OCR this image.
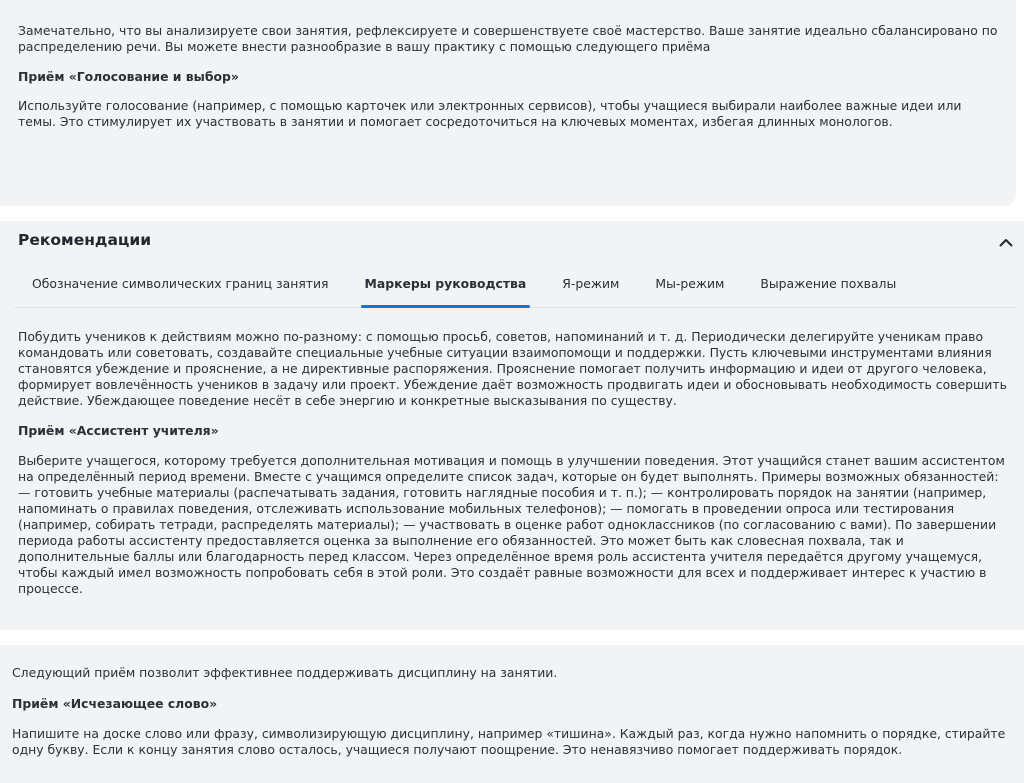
Замечательно, что вы анализируете свои занятия, рефлексируете и совершенствуете своё мастерство. Ваше занятие идеально сбалансировано по распределению речи. Вы можете внести разнообразие в вашу практику с помощью следующего приёма

Приём «Голосование и выбор»

Используйте голосование (например, с помощью карточек или электронных сервисов), чтобы учащиеся выбирали наиболее важные идеи или темы. Это стимулирует их участвовать в занятии и помогает сосредоточиться на ключевых моментах, избегая длинных монологов.

Рекомендации
Обозначение символических границ занятия	Маркеры руководства	Я-режим	Мы-режим	Выражение похвалы

Побудить учеников к действиям можно по-разному: с помощью просьб, советов, напоминаний и т. д. Периодически делегируйте ученикам право командовать или советовать, создавайте специальные учебные ситуации взаимопомощи и поддержки. Пусть ключевыми инструментами влияния становятся убеждение и прояснение, а не директивные распоряжения. Прояснение помогает получить информацию и идеи от другого человека, формирует вовлечённость учеников в задачу или проект. Убеждение даёт возможность продвигать идеи и обосновывать необходимость совершить действие. Убеждающее поведение несёт в себе энергию и конкретные высказывания по существу.

Приём «Ассистент учителя»

Выберите учащегося, которому требуется дополнительная мотивация и помощь в улучшении поведения. Этот учащийся станет вашим ассистентом на определённый период времени. Вместе с учащимся определите список задач, которые он будет выполнять. Примеры возможных обязанностей: — готовить учебные материалы (распечатывать задания, готовить наглядные пособия и т. п.); — контролировать порядок на занятии (например, напоминать о правилах поведения, отслеживать использование мобильных телефонов); — помогать в проведении опроса или тестирования (например, собирать тетради, распределять материалы); — участвовать в оценке работ одноклассников (по согласованию с вами). По завершении периода работы ассистенту предоставляется оценка за выполнение его обязанностей. Это может быть как словесная похвала, так и дополнительные баллы или благодарность перед классом. Через определённое время роль ассистента учителя передаётся другому учащемуся, чтобы каждый имел возможность попробовать себя в этой роли. Это создаёт равные возможности для всех и поддерживает интерес к участию в процессе.

Следующий приём позволит эффективнее поддерживать дисциплину на занятии.

Приём «Исчезающее слово»

Напишите на доске слово или фразу, символизирующую дисциплину, например «тишина». Каждый раз, когда нужно напомнить о порядке, стирайте одну букву. Если к концу занятия слово осталось, учащиеся получают поощрение. Это ненавязчиво помогает поддерживать порядок.
